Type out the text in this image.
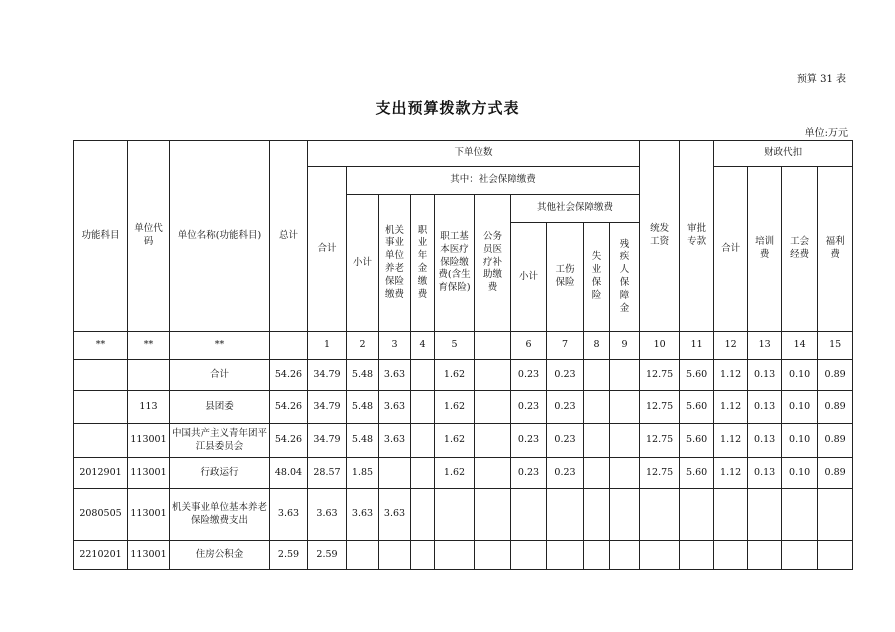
预算 31 表
支出预算拨款方式表
单位:万元
功能科目	单位代码	单位名称(功能科目)	总计	下单位数										统发工资	审批专款	财政代扣			
				合计	其中：社会保障缴费											合计	培训费	工会经费	福利费
					小计	机关事业单位养老保险缴费	职业年金缴费	职工基本医疗保险缴费(含生育保险)	公务员医疗补助缴费	其他社会保障缴费									
										小计	工伤保险	失业保险	残疾人保障金						

**	**	**		1	2	3	4	5		6	7	8	9	10	11	12	13	14	15
		合计	54.26	34.79	5.48	3.63		1.62		0.23	0.23			12.75	5.60	1.12	0.13	0.10	0.89
	113	县团委	54.26	34.79	5.48	3.63		1.62		0.23	0.23			12.75	5.60	1.12	0.13	0.10	0.89
	113001	中国共产主义青年团平江县委员会	54.26	34.79	5.48	3.63		1.62		0.23	0.23			12.75	5.60	1.12	0.13	0.10	0.89
2012901	113001	行政运行	48.04	28.57	1.85			1.62		0.23	0.23			12.75	5.60	1.12	0.13	0.10	0.89
2080505	113001	机关事业单位基本养老保险缴费支出	3.63	3.63	3.63	3.63													
2210201	113001	住房公积金	2.59	2.59															
